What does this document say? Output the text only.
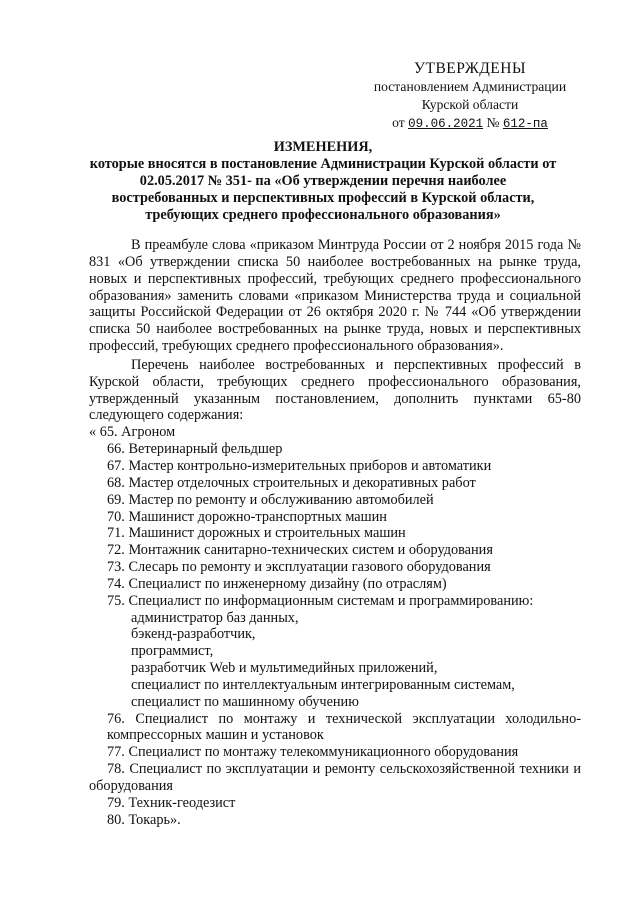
УТВЕРЖДЕНЫ
постановлением Администрации
Курской области
от 09.06.2021 № 612-па
ИЗМЕНЕНИЯ,
которые вносятся в постановление Администрации Курской области от 02.05.2017 № 351- па «Об утверждении перечня наиболее востребованных и перспективных профессий в Курской области, требующих среднего профессионального образования»

В преамбуле слова «приказом Минтруда России от 2 ноября 2015 года № 831 «Об утверждении списка 50 наиболее востребованных на рынке труда, новых и перспективных профессий, требующих среднего профессионального образования» заменить словами «приказом Министерства труда и социальной защиты Российской Федерации от 26 октября 2020 г. № 744 «Об утверждении списка 50 наиболее востребованных на рынке труда, новых и перспективных профессий, требующих среднего профессионального образования».

Перечень наиболее востребованных и перспективных профессий в Курской области, требующих среднего профессионального образования, утвержденный указанным постановлением, дополнить пунктами 65-80 следующего содержания:

« 65. Агроном
66. Ветеринарный фельдшер
67. Мастер контрольно-измерительных приборов и автоматики
68. Мастер отделочных строительных и декоративных работ
69. Мастер по ремонту и обслуживанию автомобилей
70. Машинист дорожно-транспортных машин
71. Машинист дорожных и строительных машин
72. Монтажник санитарно-технических систем и оборудования
73. Слесарь по ремонту и эксплуатации газового оборудования
74. Специалист по инженерному дизайну (по отраслям)
75. Специалист по информационным системам и программированию:
администратор баз данных,
бэкенд-разработчик,
программист,
разработчик Web и мультимедийных приложений,
специалист по интеллектуальным интегрированным системам,
специалист по машинному обучению
76. Специалист по монтажу и технической эксплуатации холодильно-компрессорных машин и установок
77. Специалист по монтажу телекоммуникационного оборудования
78. Специалист по эксплуатации и ремонту сельскохозяйственной техники и оборудования
79. Техник-геодезист
80. Токарь».
